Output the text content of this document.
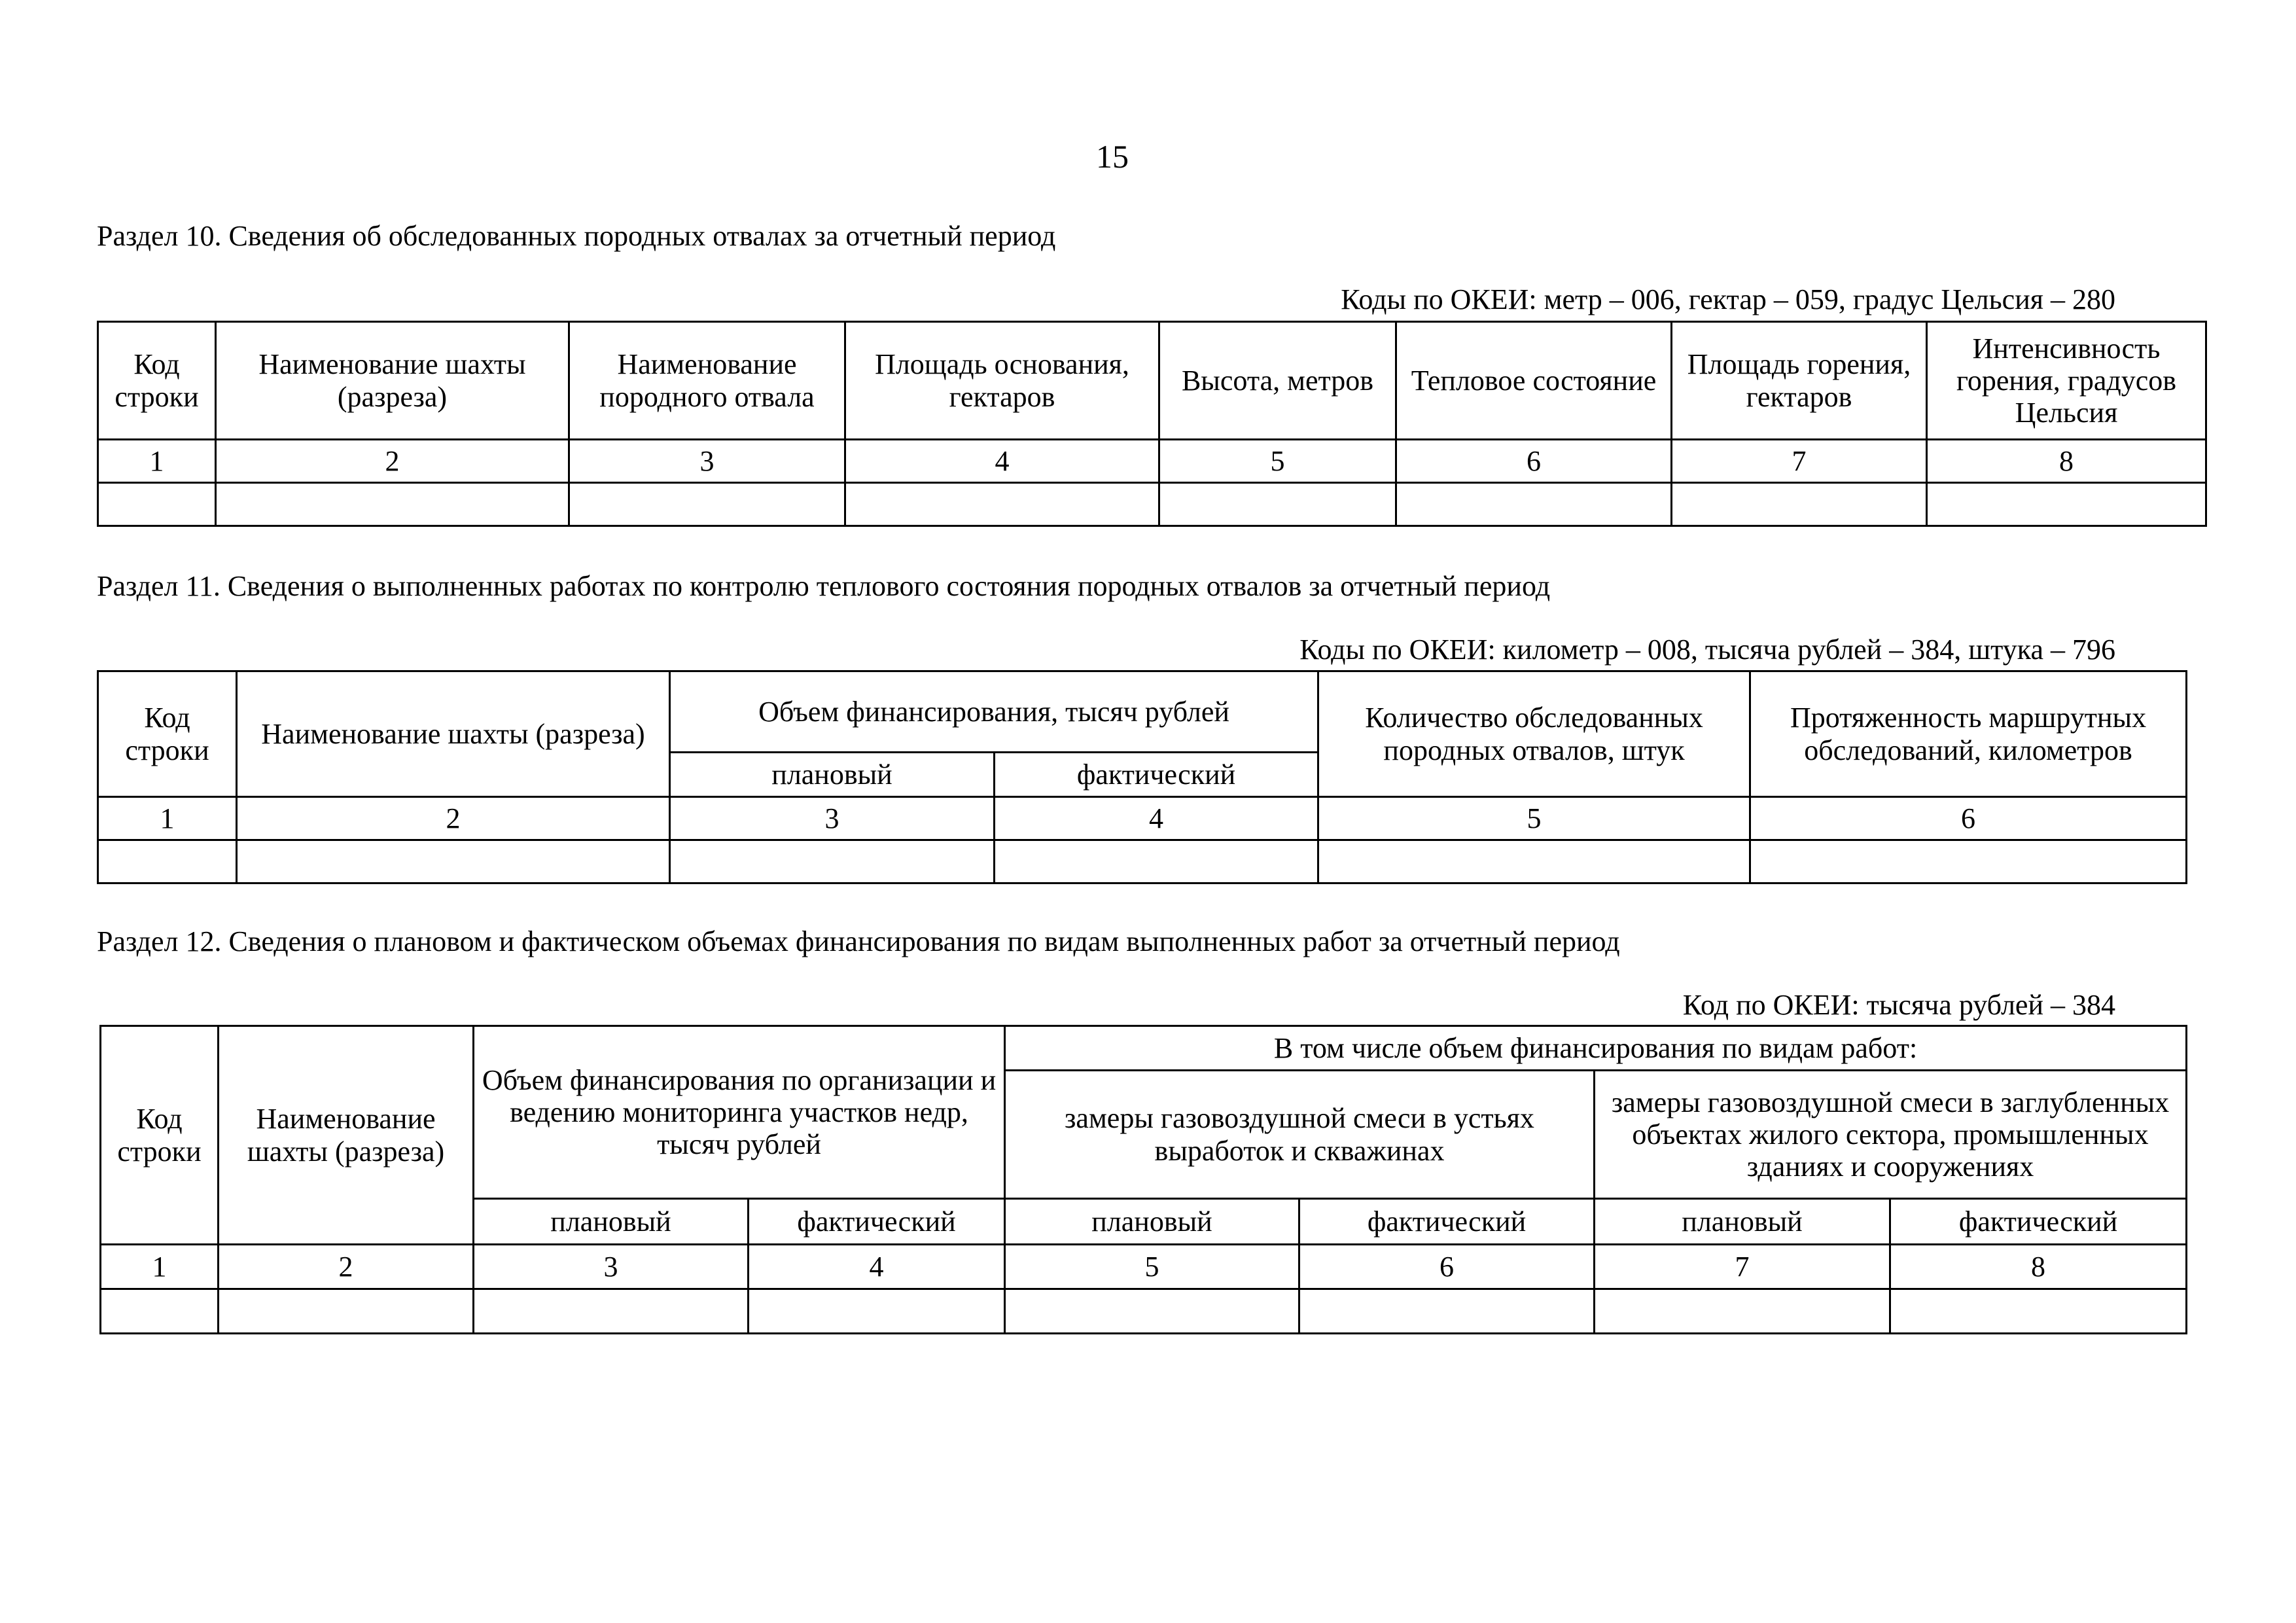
15
Раздел 10. Сведения об обследованных породных отвалах за отчетный период
Коды по ОКЕИ: метр – 006, гектар – 059, градус Цельсия – 280
Код строки	Наименование шахты (разреза)	Наименование породного отвала	Площадь основания, гектаров	Высота, метров	Тепловое состояние	Площадь горения, гектаров	Интенсивность горения, градусов Цельсия
1	2	3	4	5	6	7	8

Раздел 11. Сведения о выполненных работах по контролю теплового состояния породных отвалов за отчетный период
Коды по ОКЕИ: километр – 008, тысяча рублей – 384, штука – 796
Код строки	Наименование шахты (разреза)	Объем финансирования, тысяч рублей		Количество обследованных породных отвалов, штук	Протяженность маршрутных обследований, километров
		плановый	фактический		
1	2	3	4	5	6

Раздел 12. Сведения о плановом и фактическом объемах финансирования по видам выполненных работ за отчетный период
Код по ОКЕИ: тысяча рублей – 384
Код строки	Наименование шахты (разреза)	Объем финансирования по организации и ведению мониторинга участков недр, тысяч рублей		В том числе объем финансирования по видам работ:			
				замеры газовоздушной смеси в устьях выработок и скважинах		замеры газовоздушной смеси в заглубленных объектах жилого сектора, промышленных зданиях и сооружениях	
		плановый	фактический	плановый	фактический	плановый	фактический
1	2	3	4	5	6	7	8
